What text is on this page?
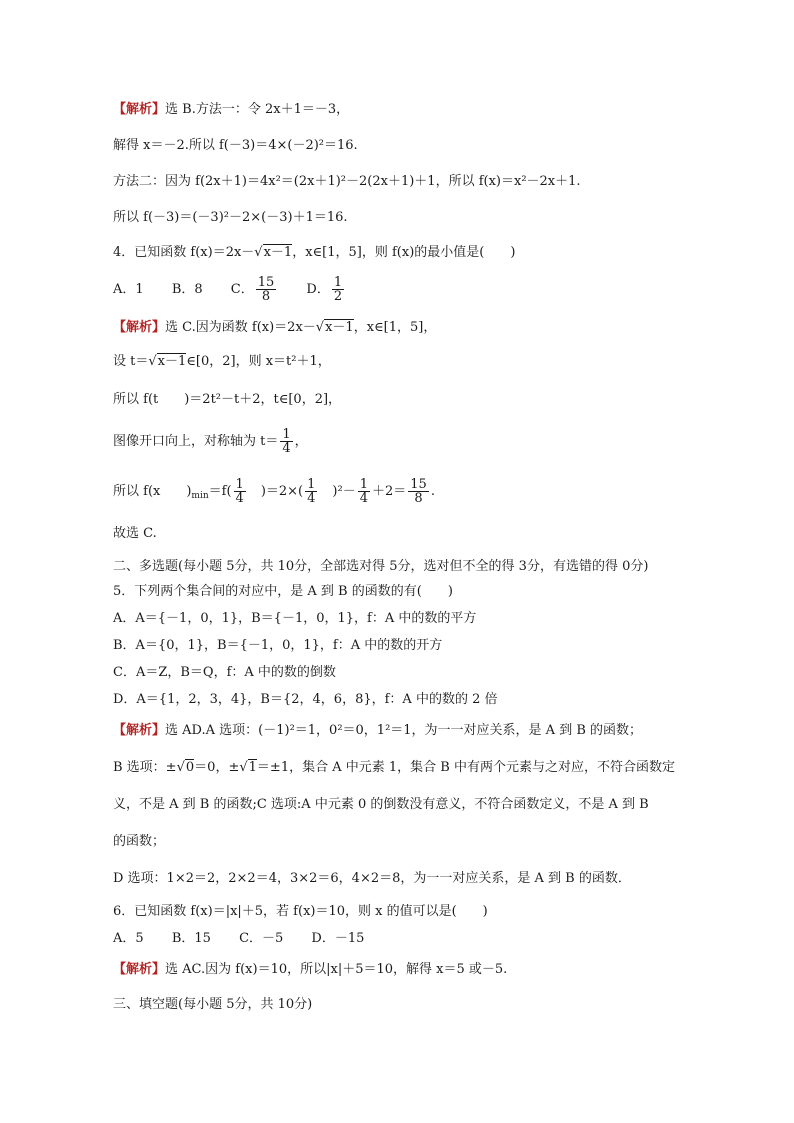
【解析】选 B.方法一：令 2x＋1＝－3，
解得 x＝－2.所以 f(－3)＝4×(－2)²＝16.
方法二：因为 f(2x＋1)＝4x²＝(2x＋1)²－2(2x＋1)＋1，所以 f(x)＝x²－2x＋1.
所以 f(－3)＝(－3)²－2×(－3)＋1＝16.
4．已知函数 f(x)＝2x－√x－1，x∈[1，5]，则 f(x)的最小值是(　　)
A．1 B．8 C． $\frac{15}{8}$ D． $\frac{1}{2}$
【解析】选 C.因为函数 f(x)＝2x－√x－1，x∈[1，5]，
设 t＝√x－1∈[0，2]，则 x＝t²＋1，
所以 f(t　　)＝2t²－t＋2，t∈[0，2]，
图像开口向上，对称轴为 $t= \frac{1}{4}$ ，
所以 f(x　　)$_{min}=f( \frac{1}{4}$ 　)$=2\times( \frac{1}{4}$ 　)$^2- \frac{1}{4} +2= \frac{15}{8}$ .
故选 C.
二、多选题(每小题 5分，共 10分，全部选对得 5分，选对但不全的得 3分，有选错的得 0分)
5．下列两个集合间的对应中，是 A 到 B 的函数的有(　　)
A．A＝{－1，0，1}，B＝{－1，0，1}，f：A 中的数的平方
B．A＝{0，1}，B＝{－1，0，1}，f：A 中的数的开方
C．A＝Z，B＝Q，f：A 中的数的倒数
D．A＝{1，2，3，4}，B＝{2，4，6，8}，f：A 中的数的 2 倍
【解析】选 AD.A 选项：(－1)²＝1，0²＝0，1²＝1，为一一对应关系，是 A 到 B 的函数；
B 选项：±√0＝0，±√1＝±1，集合 A 中元素 1，集合 B 中有两个元素与之对应，不符合函数定
义，不是 A 到 B 的函数;C 选项:A 中元素 0 的倒数没有意义，不符合函数定义，不是 A 到 B
的函数；
D 选项：1×2＝2，2×2＝4，3×2＝6，4×2＝8，为一一对应关系，是 A 到 B 的函数．
6．已知函数 f(x)＝|x|＋5，若 f(x)＝10，则 x 的值可以是(　　)
A．5 B．15 C．－5 D．－15
【解析】选 AC.因为 f(x)＝10，所以|x|＋5＝10，解得 x＝5 或－5.
三、填空题(每小题 5分，共 10分)
